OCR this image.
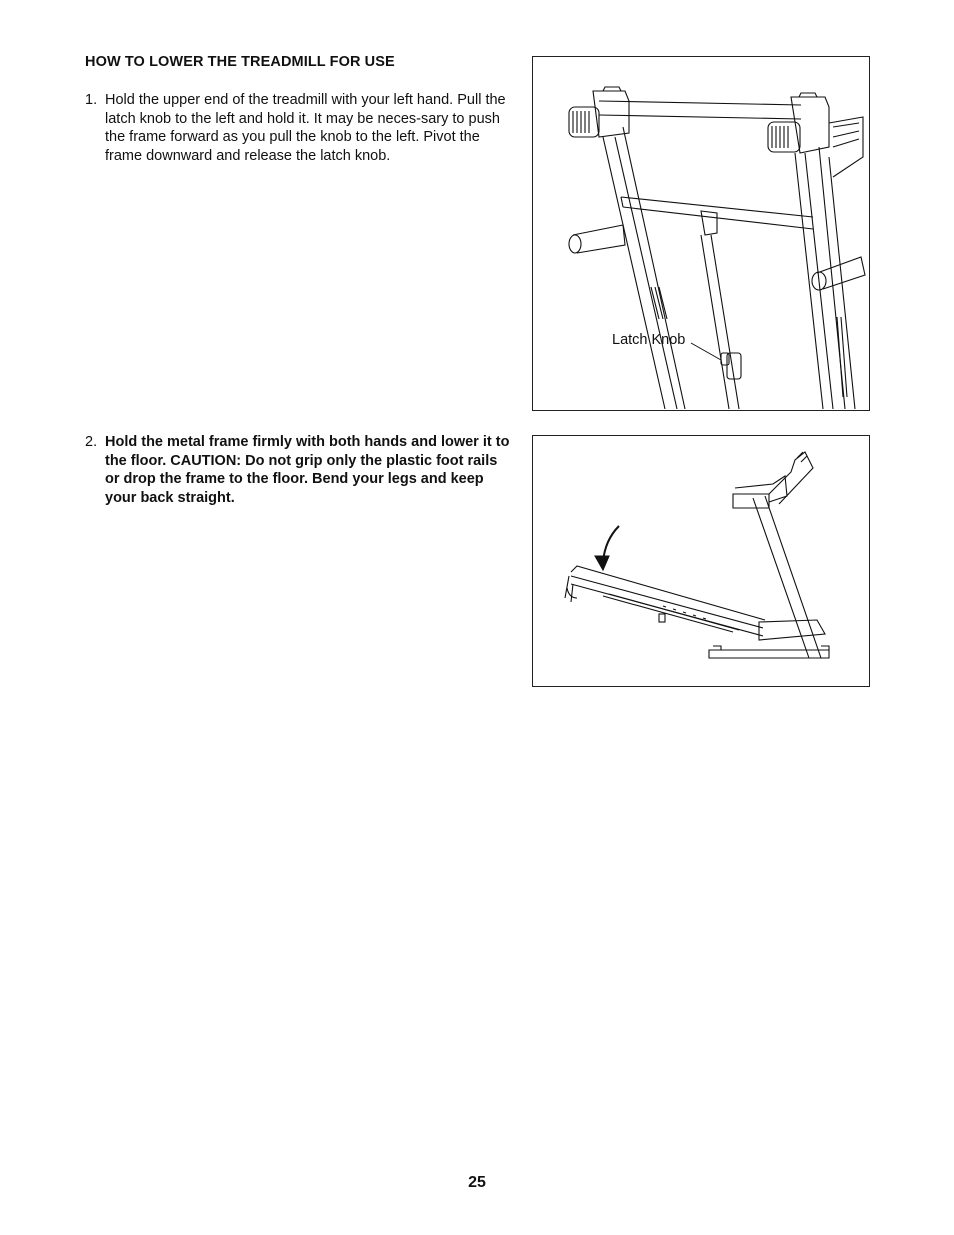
HOW TO LOWER THE TREADMILL FOR USE
1. Hold the upper end of the treadmill with your left hand. Pull the latch knob to the left and hold it. It may be neces-sary to push the frame forward as you pull the knob to the left. Pivot the frame downward and release the latch knob.
2. Hold the metal frame firmly with both hands and lower it to the floor. CAUTION: Do not grip only the plastic foot rails or drop the frame to the floor. Bend your legs and keep your back straight.
Latch Knob
25
